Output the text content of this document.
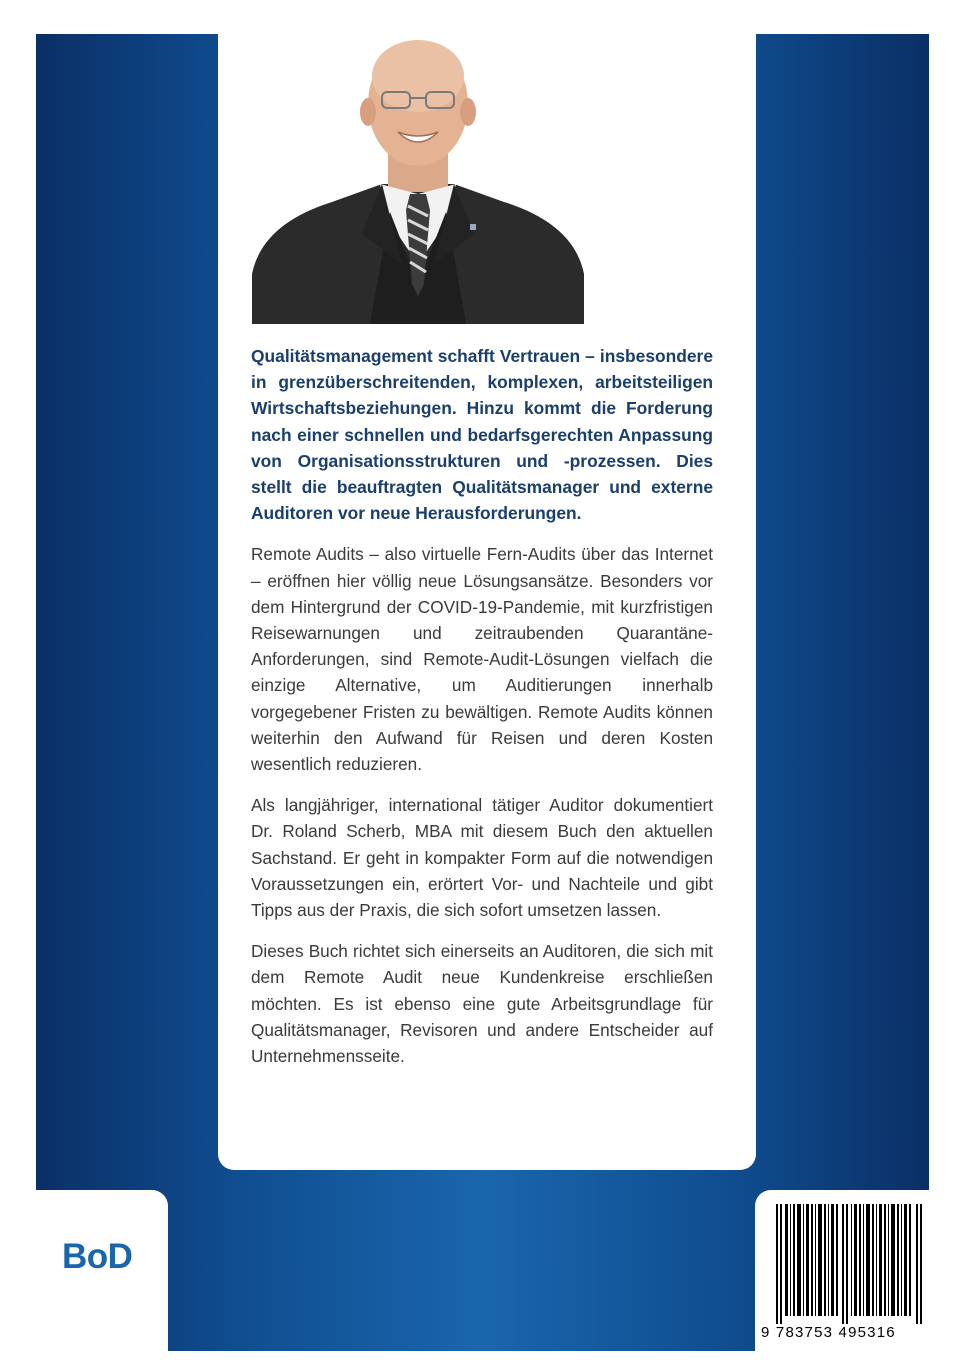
Qualitätsmanagement schafft Vertrauen – insbesondere in grenzüberschreitenden, komplexen, arbeitsteiligen Wirtschaftsbeziehungen. Hinzu kommt die Forderung nach einer schnellen und bedarfsgerechten Anpassung von Organisationsstrukturen und -prozessen. Dies stellt die beauftragten Qualitätsmanager und externe Auditoren vor neue Herausforderungen.

Remote Audits – also virtuelle Fern-Audits über das Internet – eröffnen hier völlig neue Lösungsansätze. Besonders vor dem Hintergrund der COVID-19-Pandemie, mit kurzfristigen Reisewarnungen und zeitraubenden Quarantäne-Anforderungen, sind Remote-Audit-Lösungen vielfach die einzige Alternative, um Auditierungen innerhalb vorgegebener Fristen zu bewältigen. Remote Audits können weiterhin den Aufwand für Reisen und deren Kosten wesentlich reduzieren.

Als langjähriger, international tätiger Auditor dokumentiert Dr. Roland Scherb, MBA mit diesem Buch den aktuellen Sachstand. Er geht in kompakter Form auf die notwendigen Voraussetzungen ein, erörtert Vor- und Nachteile und gibt Tipps aus der Praxis, die sich sofort umsetzen lassen.

Dieses Buch richtet sich einerseits an Auditoren, die sich mit dem Remote Audit neue Kundenkreise erschließen möchten. Es ist ebenso eine gute Arbeitsgrundlage für Qualitätsmanager, Revisoren und andere Entscheider auf Unternehmensseite.

BoD
9 783753 495316
